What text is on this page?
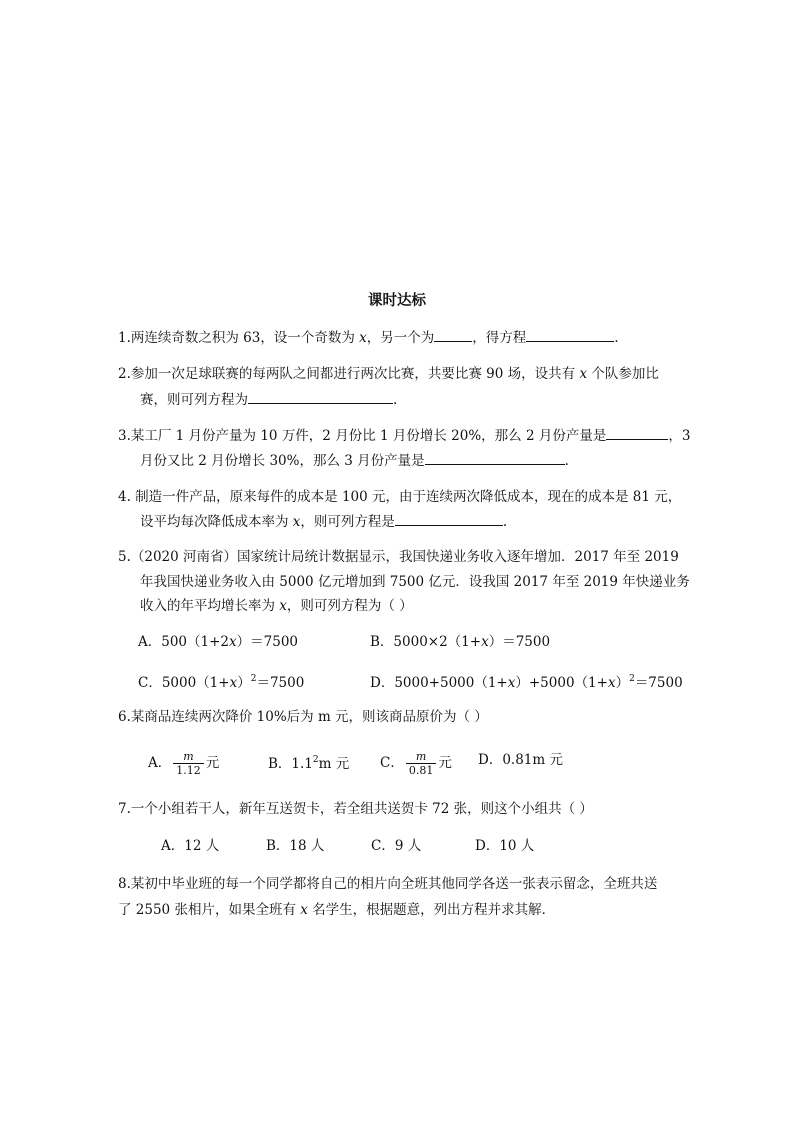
课时达标
1.两连续奇数之积为 63，设一个奇数为 x，另一个为	，得方程	.
2.参加一次足球联赛的每两队之间都进行两次比赛，共要比赛 90 场，设共有 x 个队参加比
赛，则可列方程为	.
3.某工厂 1 月份产量为 10 万件，2 月份比 1 月份增长 20%，那么 2 月份产量是	，3
月份又比 2 月份增长 30%，那么 3 月份产量是	.
4. 制造一件产品，原来每件的成本是 100 元，由于连续两次降低成本，现在的成本是 81 元，
设平均每次降低成本率为 x，则可列方程是	.
5.（2020 河南省）国家统计局统计数据显示，我国快递业务收入逐年增加．2017 年至 2019
年我国快递业务收入由 5000 亿元增加到 7500 亿元．设我国 2017 年至 2019 年快递业务
收入的年平均增长率为 x，则可列方程为（ ）
A．500（1+2x）＝7500	B．5000×2（1+x）＝7500
C．$5000(1+x)^2=7500$	D．$5000+5000(1+x)+5000(1+x)^2=7500$
6.某商品连续两次降价 10%后为 m 元，则该商品原价为（ ）
A． $\frac{m}{1.12}$ 元	B．$1.1^2m$ 元 C． $\frac{m}{0.81}$ 元 D．0.81m 元
7.一个小组若干人，新年互送贺卡，若全组共送贺卡 72 张，则这个小组共（ ）
A．12 人	B．18 人	C．9 人	D．10 人
8.某初中毕业班的每一个同学都将自己的相片向全班其他同学各送一张表示留念，全班共送
了 2550 张相片，如果全班有 x 名学生，根据题意，列出方程并求其解．
